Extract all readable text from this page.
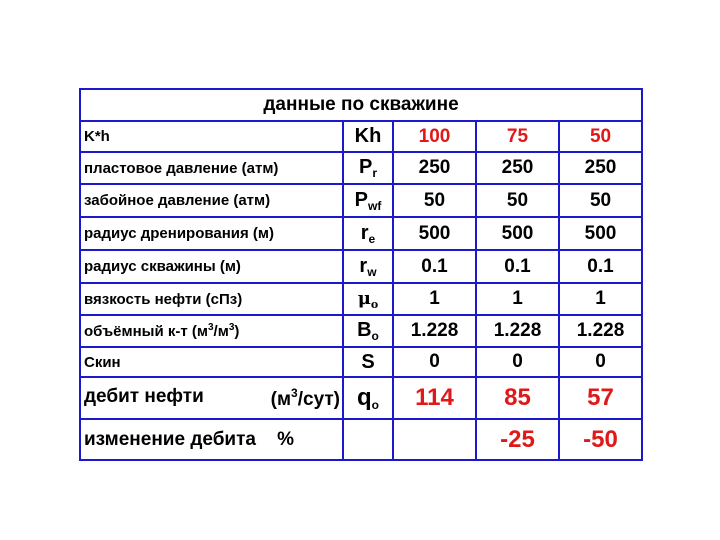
данные по скважине				
K*h	Kh	100	75	50
пластовое давление (атм)	$P_r$	250	250	250
забойное давление (атм)	$P_{wf}$	50	50	50
радиус дренирования (м)	$r_e$	500	500	500
радиус скважины (м)	$r_w$	0.1	0.1	0.1
вязкость нефти (сПз)	$\mu_o$	1	1	1
объёмный к-т $(м^3/м^3)$	$B_o$	1.228	1.228	1.228
Скин	S	0	0	0
дебит нефти $(м^3/сут)$	$q_o$	114	85	57
изменение дебита    %			-25	-50
